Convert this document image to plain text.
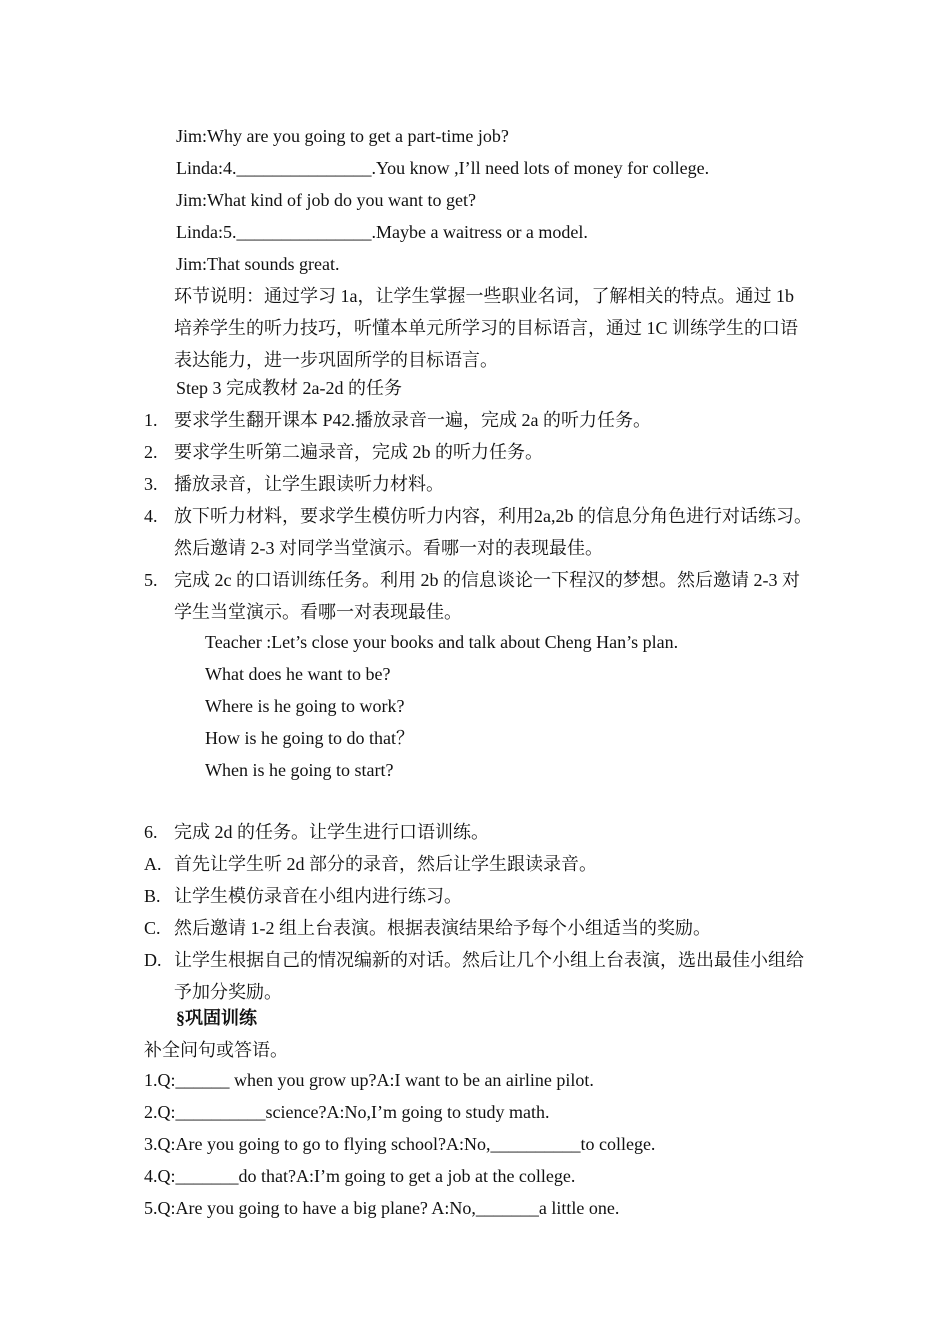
Jim:Why are you going to get a part-time job?
Linda:4._______________.You know ,I’ll need lots of money for college.
Jim:What kind of job do you want to get?
Linda:5._______________.Maybe a waitress or a model.
Jim:That sounds great.
环节说明：通过学习 1a，让学生掌握一些职业名词，了解相关的特点。通过 1b 培养学生的听力技巧，听懂本单元所学习的目标语言，通过 1C 训练学生的口语表达能力，进一步巩固所学的目标语言。
Step 3 完成教材 2a-2d 的任务
1. 要求学生翻开课本 P42.播放录音一遍，完成 2a 的听力任务。
2. 要求学生听第二遍录音，完成 2b 的听力任务。
3. 播放录音，让学生跟读听力材料。
4. 放下听力材料，要求学生模仿听力内容，利用2a,2b 的信息分角色进行对话练习。然后邀请 2-3 对同学当堂演示。看哪一对的表现最佳。
5. 完成 2c 的口语训练任务。利用 2b 的信息谈论一下程汉的梦想。然后邀请 2-3 对学生当堂演示。看哪一对表现最佳。
Teacher :Let’s close your books and talk about Cheng Han’s plan.
What does he want to be?
Where is he going to work?
How is he going to do that？
When is he going to start?
6. 完成 2d 的任务。让学生进行口语训练。
A. 首先让学生听 2d 部分的录音，然后让学生跟读录音。
B. 让学生模仿录音在小组内进行练习。
C. 然后邀请 1-2 组上台表演。根据表演结果给予每个小组适当的奖励。
D. 让学生根据自己的情况编新的对话。然后让几个小组上台表演，选出最佳小组给予加分奖励。
§巩固训练
补全问句或答语。
1.Q:______ when you grow up?A:I want to be an airline pilot.
2.Q:__________science?A:No,I’m going to study math.
3.Q:Are you going to go to flying school?A:No,__________to college.
4.Q:_______do that?A:I’m going to get a job at the college.
5.Q:Are you going to have a big plane? A:No,_______a little one.
